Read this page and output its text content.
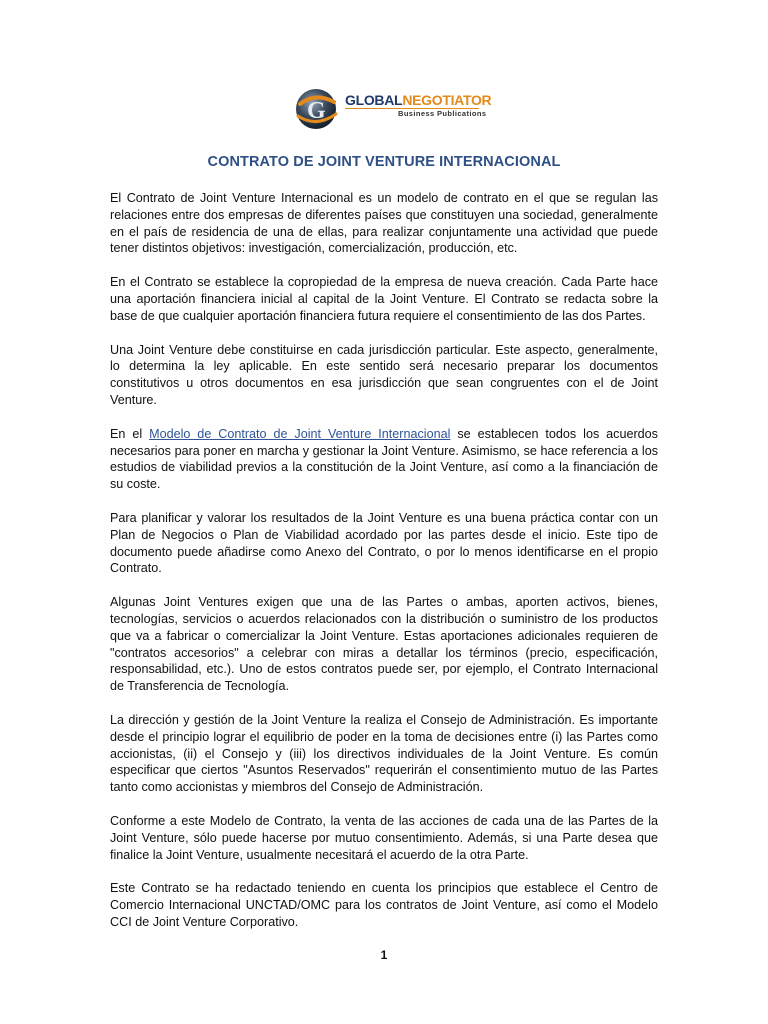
G GLOBALNEGOTIATOR
Business Publications
CONTRATO DE JOINT VENTURE INTERNACIONAL

El Contrato de Joint Venture Internacional es un modelo de contrato en el que se regulan las relaciones entre dos empresas de diferentes países que constituyen una sociedad, generalmente en el país de residencia de una de ellas, para realizar conjuntamente una actividad que puede tener distintos objetivos: investigación, comercialización, producción, etc.

En el Contrato se establece la copropiedad de la empresa de nueva creación. Cada Parte hace una aportación financiera inicial al capital de la Joint Venture. El Contrato se redacta sobre la base de que cualquier aportación financiera futura requiere el consentimiento de las dos Partes.

Una Joint Venture debe constituirse en cada jurisdicción particular. Este aspecto, generalmente, lo determina la ley aplicable. En este sentido será necesario preparar los documentos constitutivos u otros documentos en esa jurisdicción que sean congruentes con el de Joint Venture.

En el Modelo de Contrato de Joint Venture Internacional se establecen todos los acuerdos necesarios para poner en marcha y gestionar la Joint Venture. Asimismo, se hace referencia a los estudios de viabilidad previos a la constitución de la Joint Venture, así como a la financiación de su coste.

Para planificar y valorar los resultados de la Joint Venture es una buena práctica contar con un Plan de Negocios o Plan de Viabilidad acordado por las partes desde el inicio. Este tipo de documento puede añadirse como Anexo del Contrato, o por lo menos identificarse en el propio Contrato.

Algunas Joint Ventures exigen que una de las Partes o ambas, aporten activos, bienes, tecnologías, servicios o acuerdos relacionados con la distribución o suministro de los productos que va a fabricar o comercializar la Joint Venture. Estas aportaciones adicionales requieren de "contratos accesorios" a celebrar con miras a detallar los términos (precio, especificación, responsabilidad, etc.). Uno de estos contratos puede ser, por ejemplo, el Contrato Internacional de Transferencia de Tecnología.

La dirección y gestión de la Joint Venture la realiza el Consejo de Administración. Es importante desde el principio lograr el equilibrio de poder en la toma de decisiones entre (i) las Partes como accionistas, (ii) el Consejo y (iii) los directivos individuales de la Joint Venture. Es común especificar que ciertos "Asuntos Reservados" requerirán el consentimiento mutuo de las Partes tanto como accionistas y miembros del Consejo de Administración.

Conforme a este Modelo de Contrato, la venta de las acciones de cada una de las Partes de la Joint Venture, sólo puede hacerse por mutuo consentimiento. Además, si una Parte desea que finalice la Joint Venture, usualmente necesitará el acuerdo de la otra Parte.

Este Contrato se ha redactado teniendo en cuenta los principios que establece el Centro de Comercio Internacional UNCTAD/OMC para los contratos de Joint Venture, así como el Modelo CCI de Joint Venture Corporativo.

1
